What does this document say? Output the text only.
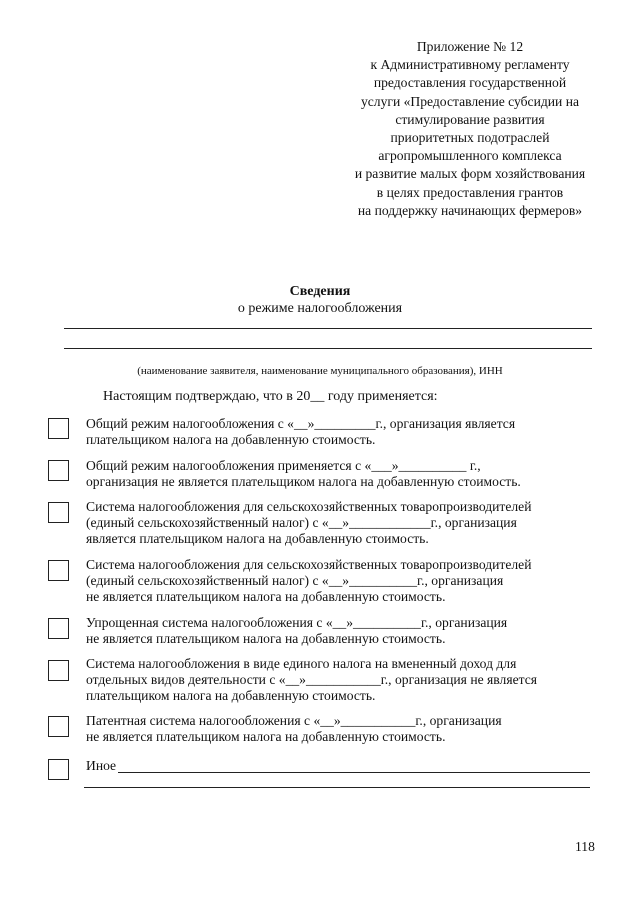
Приложение № 12
к Административному регламенту
предоставления государственной
услуги «Предоставление субсидии на
стимулирование развития
приоритетных подотраслей
агропромышленного комплекса
и развитие малых форм хозяйствования
в целях предоставления грантов
на поддержку начинающих фермеров»
Сведения
о режиме налогообложения
(наименование заявителя, наименование муниципального образования), ИНН
Настоящим подтверждаю, что в 20__ году применяется:
Общий режим налогообложения с «__»_________г., организация является
плательщиком налога на добавленную стоимость.
Общий режим налогообложения применяется с «___»__________ г.,
организация не является плательщиком налога на добавленную стоимость.
Система налогообложения для сельскохозяйственных товаропроизводителей
(единый сельскохозяйственный налог) с «__»____________г., организация
является плательщиком налога на добавленную стоимость.
Система налогообложения для сельскохозяйственных товаропроизводителей
(единый сельскохозяйственный налог) с «__»__________г., организация
не является плательщиком налога на добавленную стоимость.
Упрощенная система налогообложения с «__»__________г., организация
не является плательщиком налога на добавленную стоимость.
Система налогообложения в виде единого налога на вмененный доход для
отдельных видов деятельности с «__»___________г., организация не является
плательщиком налога на добавленную стоимость.
Патентная система налогообложения с «__»___________г., организация
не является плательщиком налога на добавленную стоимость.
Иное
118
